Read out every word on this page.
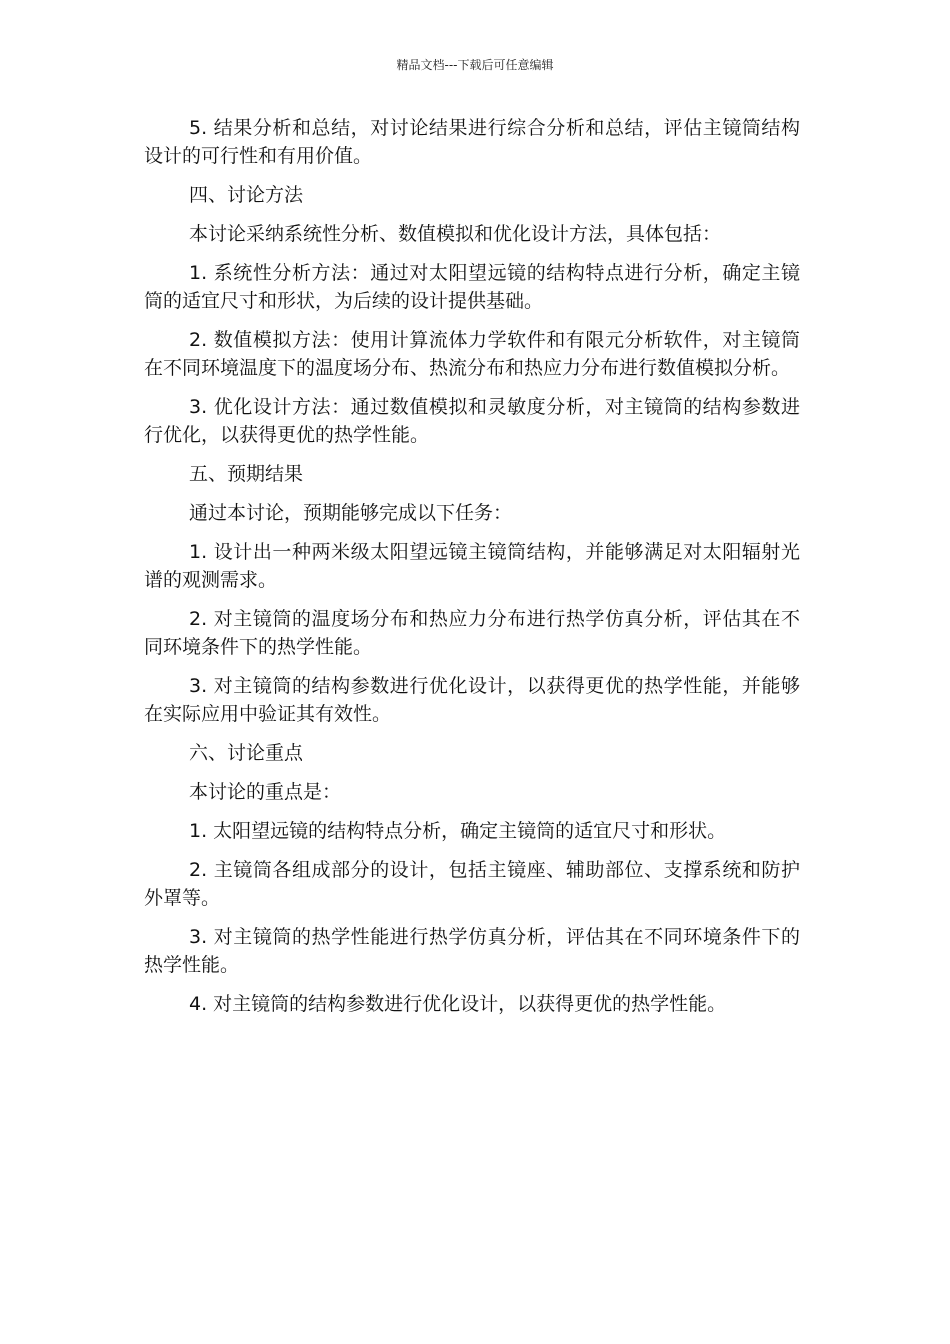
精品文档---下载后可任意编辑

5. 结果分析和总结，对讨论结果进行综合分析和总结，评估主镜筒结构设计的可行性和有用价值。

四、讨论方法

本讨论采纳系统性分析、数值模拟和优化设计方法，具体包括：

1. 系统性分析方法：通过对太阳望远镜的结构特点进行分析，确定主镜筒的适宜尺寸和形状，为后续的设计提供基础。

2. 数值模拟方法：使用计算流体力学软件和有限元分析软件，对主镜筒在不同环境温度下的温度场分布、热流分布和热应力分布进行数值模拟分析。

3. 优化设计方法：通过数值模拟和灵敏度分析，对主镜筒的结构参数进行优化，以获得更优的热学性能。

五、预期结果

通过本讨论，预期能够完成以下任务：

1. 设计出一种两米级太阳望远镜主镜筒结构，并能够满足对太阳辐射光谱的观测需求。

2. 对主镜筒的温度场分布和热应力分布进行热学仿真分析，评估其在不同环境条件下的热学性能。

3. 对主镜筒的结构参数进行优化设计，以获得更优的热学性能，并能够在实际应用中验证其有效性。

六、讨论重点

本讨论的重点是：

1. 太阳望远镜的结构特点分析，确定主镜筒的适宜尺寸和形状。

2. 主镜筒各组成部分的设计，包括主镜座、辅助部位、支撑系统和防护外罩等。

3. 对主镜筒的热学性能进行热学仿真分析，评估其在不同环境条件下的热学性能。

4. 对主镜筒的结构参数进行优化设计，以获得更优的热学性能。
